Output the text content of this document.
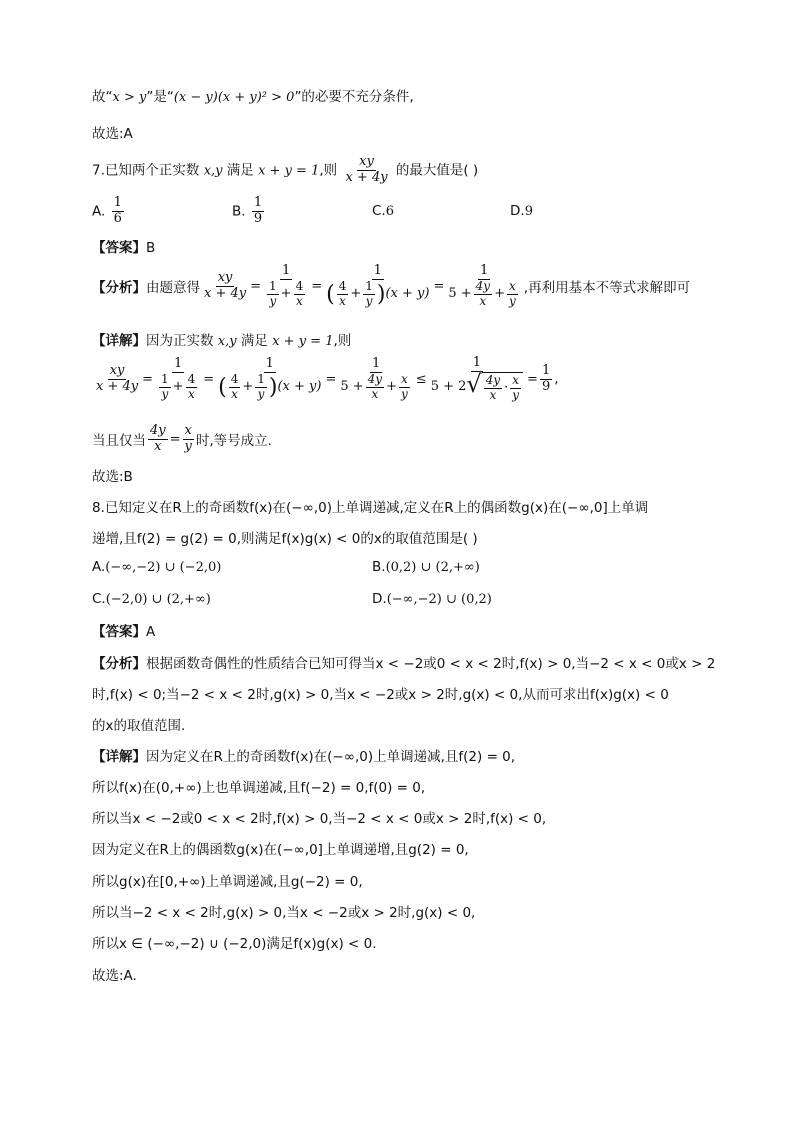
故“x > y”是“(x − y)(x + y)² > 0”的必要不充分条件,
故选:A
7.已知两个正实数 x,y 满足 x + y = 1,则 $\frac{xy}{x + 4y}$ 的最大值是( )
A. $\frac{1}{6}$	B. $\frac{1}{9}$	C.6	D.9
【答案】B
【分析】 由题意得 $\frac{xy}{x + 4y} = \frac{1}{\frac{1}{y} + \frac{4}{x}} = \frac{1}{( \frac{4}{x} + \frac{1}{y} ) (x + y)} = \frac{1}{5 + \frac{4y}{x} + \frac{x}{y}}$ ,再利用基本不等式求解即可
【详解】因为正实数 x,y 满足 x + y = 1,则
$\frac{xy}{x + 4y} = \frac{1}{\frac{1}{y} + \frac{4}{x}} = \frac{1}{( \frac{4}{x} + \frac{1}{y} ) (x + y)} = \frac{1}{5 + \frac{4y}{x} + \frac{x}{y}} \le \frac{1}{5 + 2 √ \frac{4y}{x} \cdot \frac{x}{y}} = \frac{1}{9}$ ,
当且仅当 $\frac{4y}{x} = \frac{x}{y}$ 时,等号成立.
故选:B
8.已知定义在R上的奇函数f(x)在(−∞,0)上单调递减,定义在R上的偶函数g(x)在(−∞,0]上单调
递增,且f(2) = g(2) = 0,则满足f(x)g(x) < 0的x的取值范围是( )
A.(−∞,−2) ∪ (−2,0)	B.(0,2) ∪ (2,+∞)
C.(−2,0) ∪ (2,+∞)	D.(−∞,−2) ∪ (0,2)
【答案】A
【分析】根据函数奇偶性的性质结合已知可得当x < −2或0 < x < 2时,f(x) > 0,当−2 < x < 0或x > 2
时,f(x) < 0;当−2 < x < 2时,g(x) > 0,当x < −2或x > 2时,g(x) < 0,从而可求出f(x)g(x) < 0
的x的取值范围.
【详解】因为定义在R上的奇函数f(x)在(−∞,0)上单调递减,且f(2) = 0,
所以f(x)在(0,+∞)上也单调递减,且f(−2) = 0,f(0) = 0,
所以当x < −2或0 < x < 2时,f(x) > 0,当−2 < x < 0或x > 2时,f(x) < 0,
因为定义在R上的偶函数g(x)在(−∞,0]上单调递增,且g(2) = 0,
所以g(x)在[0,+∞)上单调递减,且g(−2) = 0,
所以当−2 < x < 2时,g(x) > 0,当x < −2或x > 2时,g(x) < 0,
所以x ∈ (−∞,−2) ∪ (−2,0)满足f(x)g(x) < 0.
故选:A.
